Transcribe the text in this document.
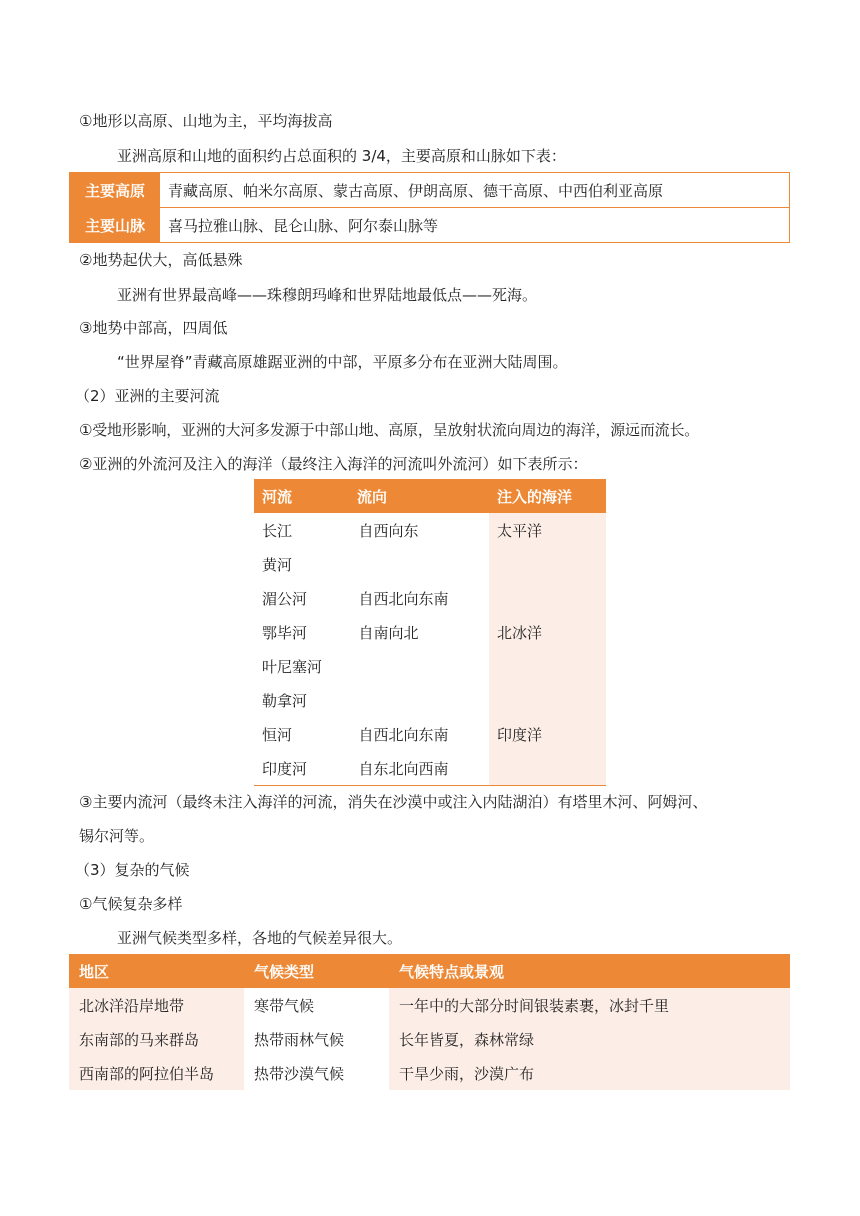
①地形以高原、山地为主，平均海拔高
亚洲高原和山地的面积约占总面积的 3/4，主要高原和山脉如下表：
主要高原	青藏高原、帕米尔高原、蒙古高原、伊朗高原、德干高原、中西伯利亚高原
主要山脉	喜马拉雅山脉、昆仑山脉、阿尔泰山脉等
②地势起伏大，高低悬殊
亚洲有世界最高峰——珠穆朗玛峰和世界陆地最低点——死海。
③地势中部高，四周低
“世界屋脊”青藏高原雄踞亚洲的中部，平原多分布在亚洲大陆周围。
（2）亚洲的主要河流
①受地形影响，亚洲的大河多发源于中部山地、高原，呈放射状流向周边的海洋，源远而流长。
②亚洲的外流河及注入的海洋（最终注入海洋的河流叫外流河）如下表所示：
河流	流向	注入的海洋
长江	自西向东	太平洋
黄河
湄公河	自西北向东南
鄂毕河	自南向北	北冰洋
叶尼塞河
勒拿河
恒河	自西北向东南	印度洋
印度河	自东北向西南
③主要内流河（最终未注入海洋的河流，消失在沙漠中或注入内陆湖泊）有塔里木河、阿姆河、
锡尔河等。
（3）复杂的气候
①气候复杂多样
亚洲气候类型多样，各地的气候差异很大。
地区	气候类型	气候特点或景观
北冰洋沿岸地带	寒带气候	一年中的大部分时间银装素裹，冰封千里
东南部的马来群岛	热带雨林气候	长年皆夏，森林常绿
西南部的阿拉伯半岛	热带沙漠气候	干旱少雨，沙漠广布
